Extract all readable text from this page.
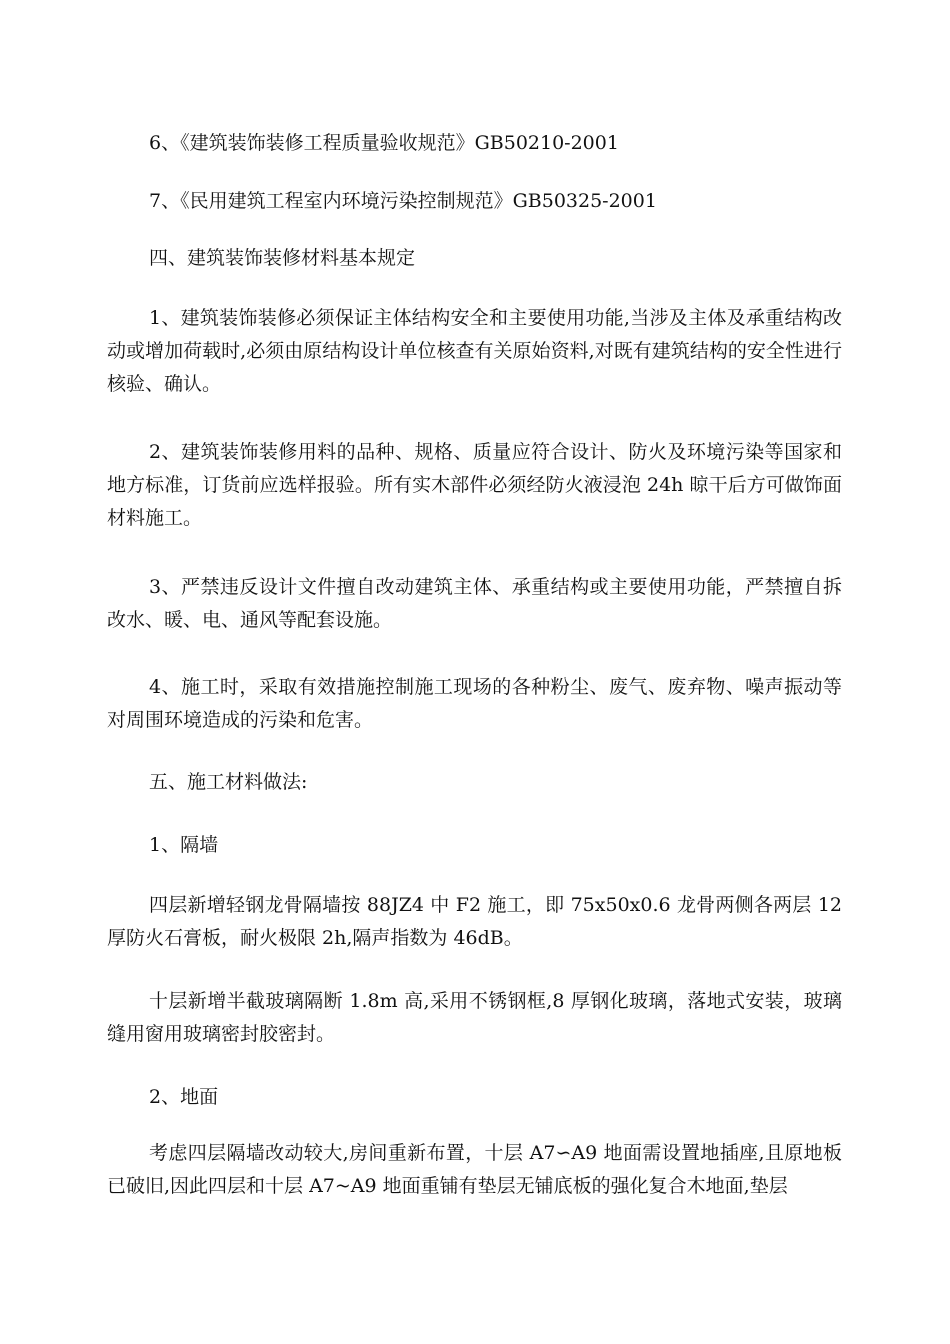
6、《建筑装饰装修工程质量验收规范》GB50210-2001

7、《民用建筑工程室内环境污染控制规范》GB50325-2001

四、建筑装饰装修材料基本规定

1、建筑装饰装修必须保证主体结构安全和主要使用功能,当涉及主体及承重结构改动或增加荷载时,必须由原结构设计单位核查有关原始资料,对既有建筑结构的安全性进行核验、确认。

2、建筑装饰装修用料的品种、规格、质量应符合设计、防火及环境污染等国家和地方标准，订货前应选样报验。所有实木部件必须经防火液浸泡 24h 晾干后方可做饰面材料施工。

3、严禁违反设计文件擅自改动建筑主体、承重结构或主要使用功能，严禁擅自拆改水、暖、电、通风等配套设施。

4、施工时，采取有效措施控制施工现场的各种粉尘、废气、废弃物、噪声振动等对周围环境造成的污染和危害。

五、施工材料做法:

1、隔墙

四层新增轻钢龙骨隔墙按 88JZ4 中 F2 施工，即 75x50x0.6 龙骨两侧各两层 12 厚防火石膏板，耐火极限 2h,隔声指数为 46dB。

十层新增半截玻璃隔断 1.8m 高,采用不锈钢框,8 厚钢化玻璃，落地式安装，玻璃缝用窗用玻璃密封胶密封。

2、地面

考虑四层隔墙改动较大,房间重新布置，十层 A7∽A9 地面需设置地插座,且原地板已破旧,因此四层和十层 A7~A9 地面重铺有垫层无铺底板的强化复合木地面,垫层
